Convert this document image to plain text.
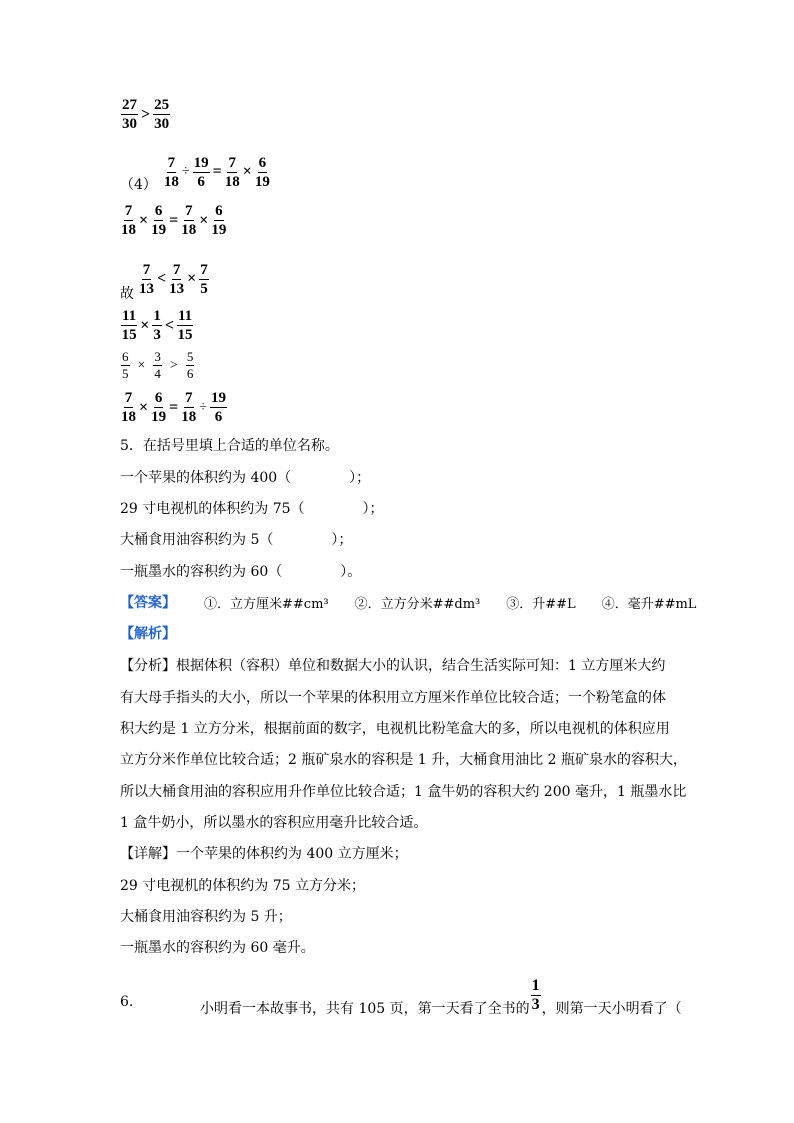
$\frac{27}{30} > \frac{25}{30}$
$(4) \frac{7}{18} \div \frac{19}{6} = \frac{7}{18} \times \frac{6}{19}$
$\frac{7}{18} \times \frac{6}{19} = \frac{7}{18} \times \frac{6}{19}$
故 $\frac{7}{13} < \frac{7}{13} \times \frac{7}{5}$
$\frac{11}{15} \times \frac{1}{3} < \frac{11}{15}$
$\frac{6}{5} \times \frac{3}{4} > \frac{5}{6}$
$\frac{7}{18} \times \frac{6}{19} = \frac{7}{18} \div \frac{19}{6}$
5．在括号里填上合适的单位名称。
一个苹果的体积约为 400（	）；
29 寸电视机的体积约为 75（	）；
大桶食用油容积约为 5（	）；
一瓶墨水的容积约为 60（	）。
【答案】 ①．立方厘米##cm³ ②．立方分米##dm³ ③．升##L ④．毫升##mL
【解析】
【分析】根据体积（容积）单位和数据大小的认识，结合生活实际可知：1 立方厘米大约
有大母手指头的大小，所以一个苹果的体积用立方厘米作单位比较合适；一个粉笔盒的体
积大约是 1 立方分米，根据前面的数字，电视机比粉笔盒大的多，所以电视机的体积应用
立方分米作单位比较合适；2 瓶矿泉水的容积是 1 升，大桶食用油比 2 瓶矿泉水的容积大，
所以大桶食用油的容积应用升作单位比较合适；1 盒牛奶的容积大约 200 毫升，1 瓶墨水比
1 盒牛奶小，所以墨水的容积应用毫升比较合适。
【详解】一个苹果的体积约为 400 立方厘米；
29 寸电视机的体积约为 75 立方分米；
大桶食用油容积约为 5 升；
一瓶墨水的容积约为 60 毫升。
6.	小明看一本故事书，共有 105 页，第一天看了全书的 $\frac{1}{3}$ ，则第一天小明看了（
